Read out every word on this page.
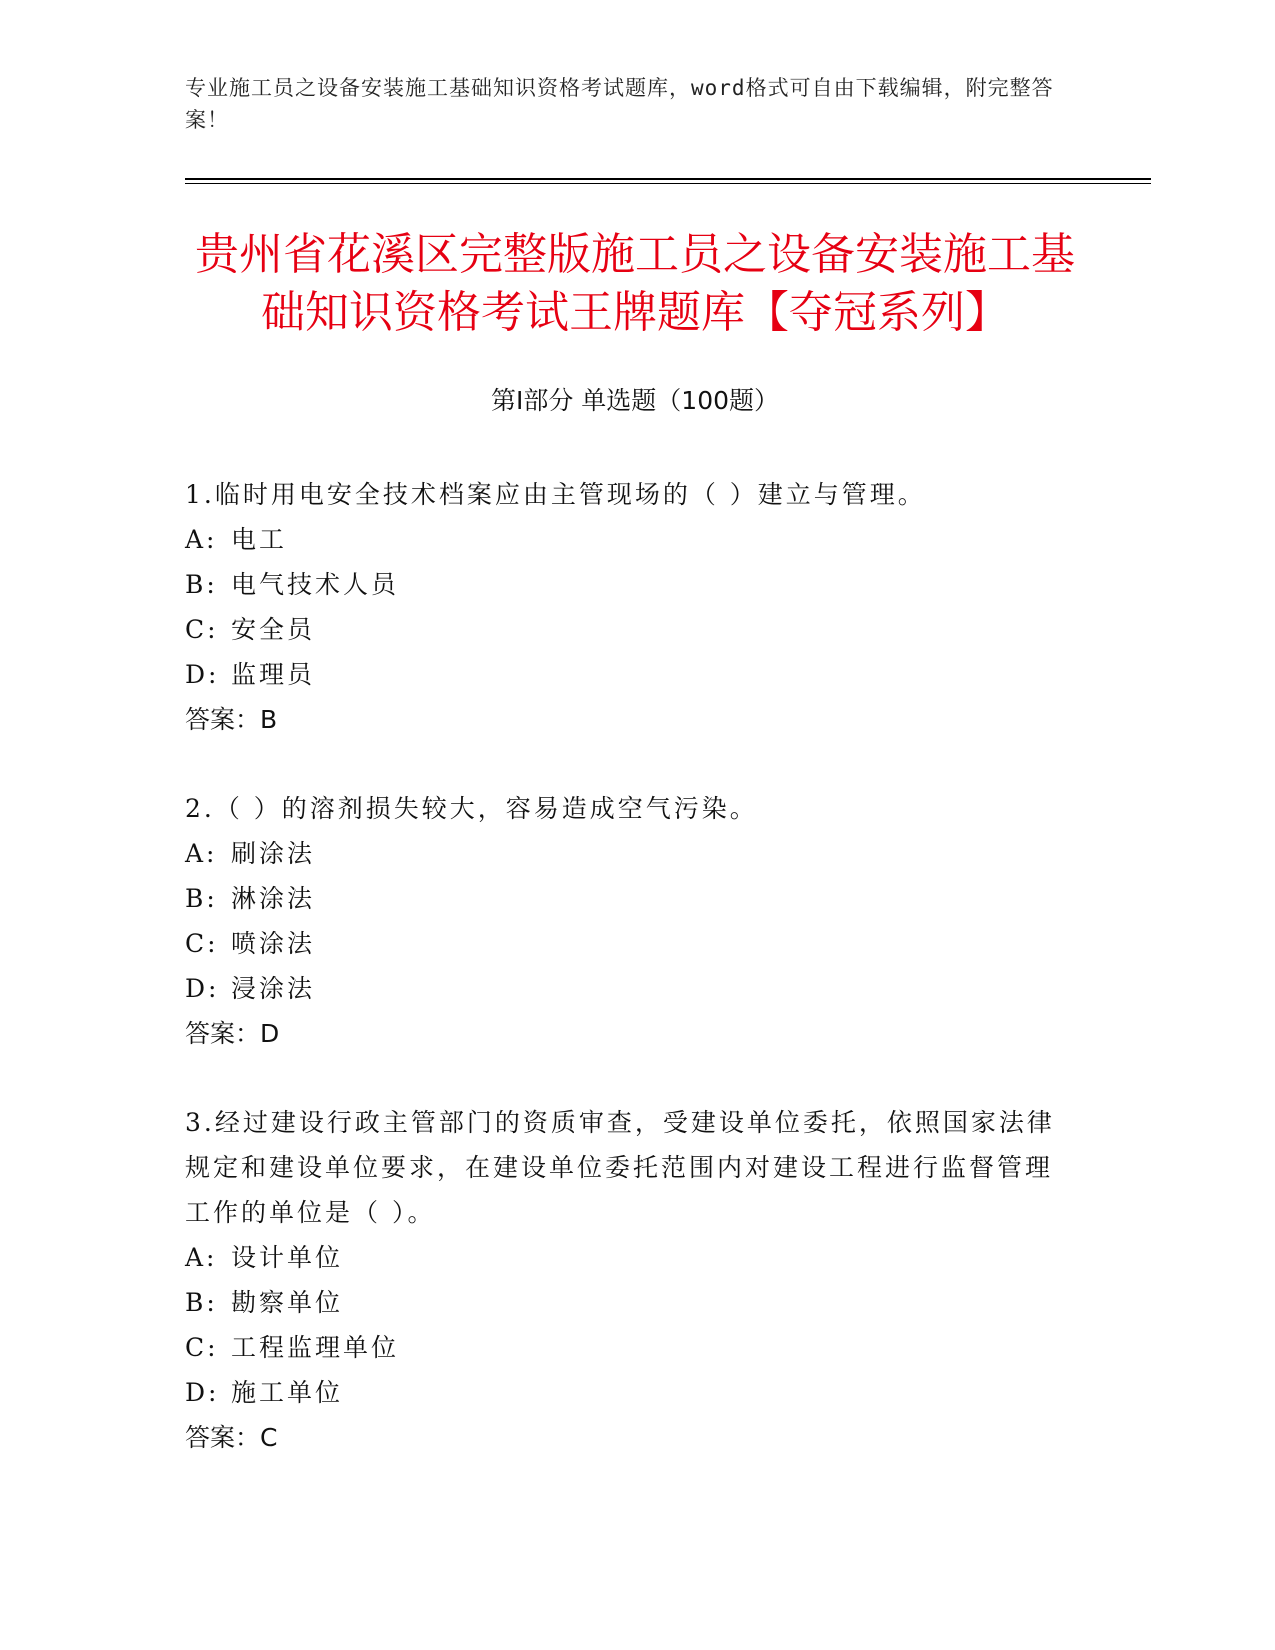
专业施工员之设备安装施工基础知识资格考试题库，word格式可自由下载编辑，附完整答案！
贵州省花溪区完整版施工员之设备安装施工基础知识资格考试王牌题库【夺冠系列】
第Ⅰ部分 单选题（100题）
1.临时用电安全技术档案应由主管现场的（ ）建立与管理。
A: 电工
B: 电气技术人员
C: 安全员
D: 监理员
答案：B
2.（ ）的溶剂损失较大，容易造成空气污染。
A: 刷涂法
B: 淋涂法
C: 喷涂法
D: 浸涂法
答案：D
3.经过建设行政主管部门的资质审查，受建设单位委托，依照国家法律规定和建设单位要求，在建设单位委托范围内对建设工程进行监督管理工作的单位是（ ）。
A: 设计单位
B: 勘察单位
C: 工程监理单位
D: 施工单位
答案：C
